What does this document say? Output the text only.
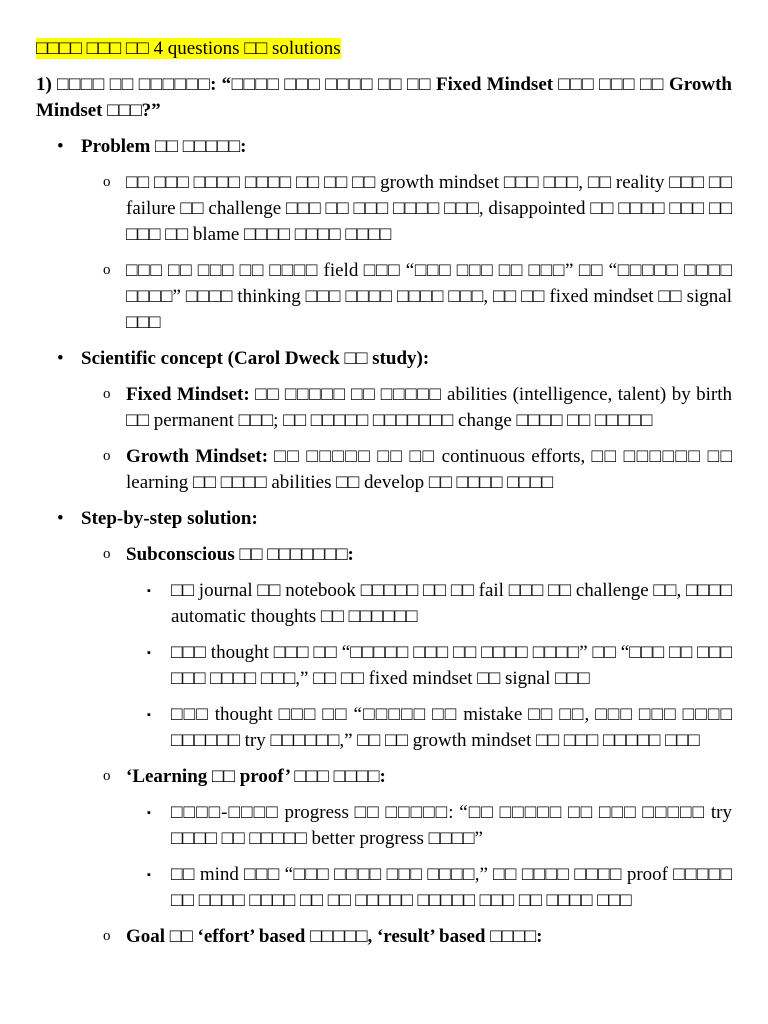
□□□□ □□□ □□ 4 questions □□ solutions
1) □□□□ □□ □□□□□□: “□□□□ □□□ □□□□ □□ □□ Fixed Mindset □□□ □□□ □□ Growth Mindset □□□?”
• Problem □□ □□□□□:
o □□ □□□ □□□□ □□□□ □□ □□ □□ growth mindset □□□ □□□, □□ reality □□□ □□ failure □□ challenge □□□ □□ □□□ □□□□ □□□, disappointed □□ □□□□ □□□ □□ □□□ □□ blame □□□□ □□□□ □□□□
o □□□ □□ □□□ □□ □□□□ field □□□ “□□□ □□□ □□ □□□” □□ “□□□□□ □□□□ □□□□” □□□□ thinking □□□ □□□□ □□□□ □□□, □□ □□ fixed mindset □□ signal □□□
• Scientific concept (Carol Dweck □□ study):
o Fixed Mindset: □□ □□□□□ □□ □□□□□ abilities (intelligence, talent) by birth □□ permanent □□□; □□ □□□□□ □□□□□□□ change □□□□ □□ □□□□□
o Growth Mindset: □□ □□□□□ □□ □□ continuous efforts, □□ □□□□□□ □□ learning □□ □□□□ abilities □□ develop □□ □□□□ □□□□
• Step-by-step solution:
o Subconscious □□ □□□□□□□:
▪ □□ journal □□ notebook □□□□□ □□ □□ fail □□□ □□ challenge □□, □□□□ automatic thoughts □□ □□□□□□
▪ □□□ thought □□□ □□ “□□□□□ □□□ □□ □□□□ □□□□” □□ “□□□ □□ □□□ □□□ □□□□ □□□,” □□ □□ fixed mindset □□ signal □□□
▪ □□□ thought □□□ □□ “□□□□□ □□ mistake □□ □□, □□□ □□□ □□□□ □□□□□□ try □□□□□□,” □□ □□ growth mindset □□ □□□ □□□□□ □□□
o ‘Learning □□ proof’ □□□ □□□□:
▪ □□□□-□□□□ progress □□ □□□□□: “□□ □□□□□ □□ □□□ □□□□□ try □□□□ □□ □□□□□ better progress □□□□”
▪ □□ mind □□□ “□□□ □□□□ □□□ □□□□,” □□ □□□□ □□□□ proof □□□□□ □□ □□□□ □□□□ □□ □□ □□□□□ □□□□□ □□□ □□ □□□□ □□□
o Goal □□ ‘effort’ based □□□□□, ‘result’ based □□□□:
